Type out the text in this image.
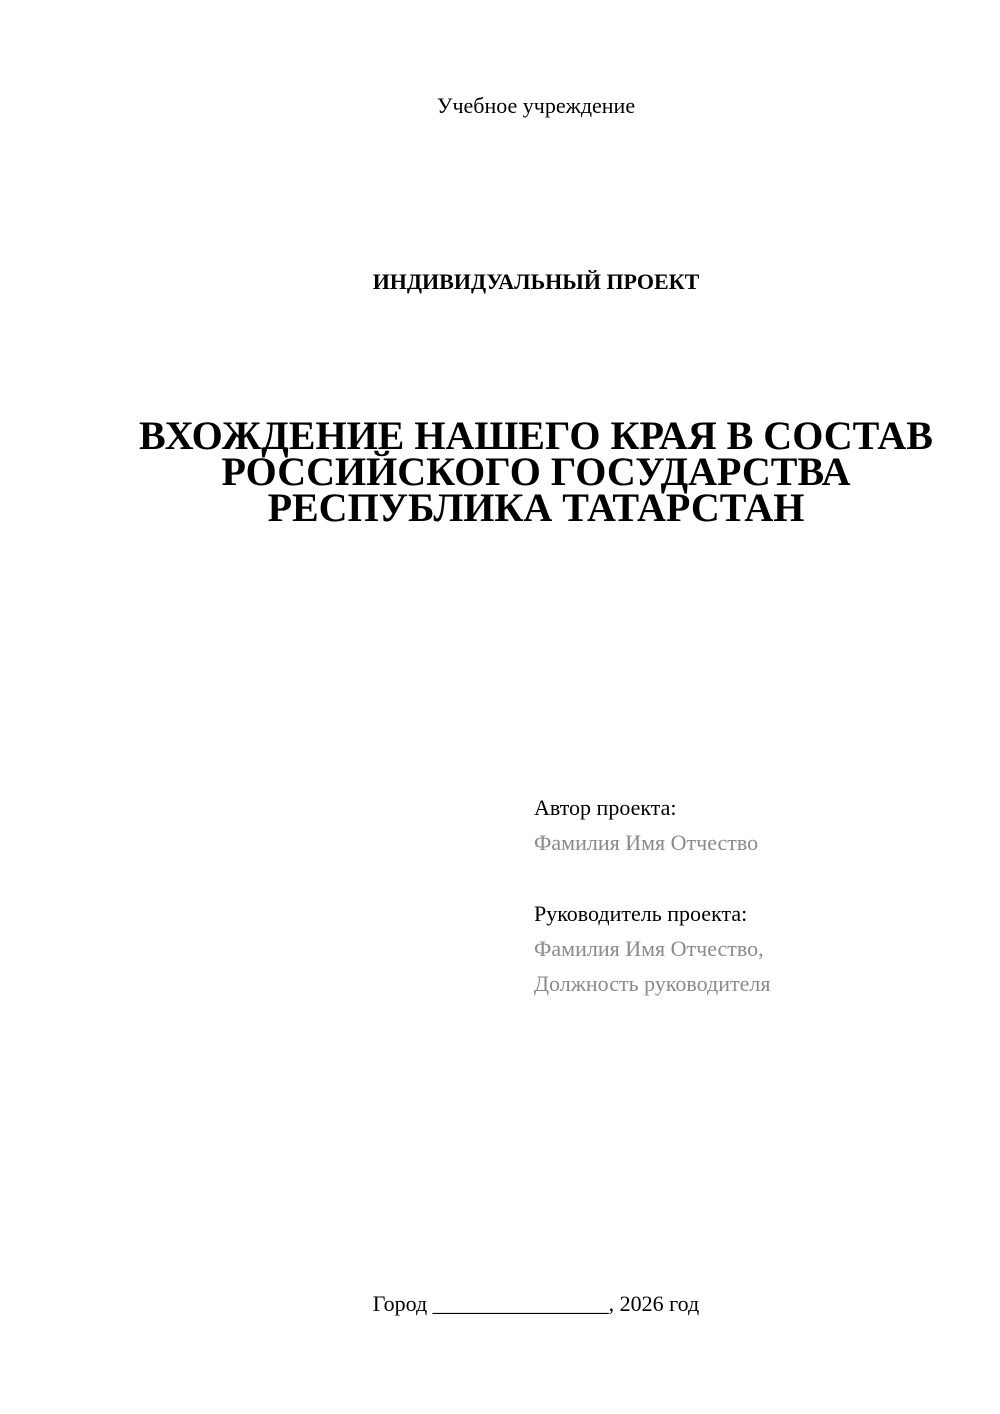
Учебное учреждение
ИНДИВИДУАЛЬНЫЙ ПРОЕКТ
ВХОЖДЕНИЕ НАШЕГО КРАЯ В СОСТАВ
РОССИЙСКОГО ГОСУДАРСТВА
РЕСПУБЛИКА ТАТАРСТАН
Автор проекта:
Фамилия Имя Отчество
Руководитель проекта:
Фамилия Имя Отчество,
Должность руководителя
Город ________________, 2026 год
